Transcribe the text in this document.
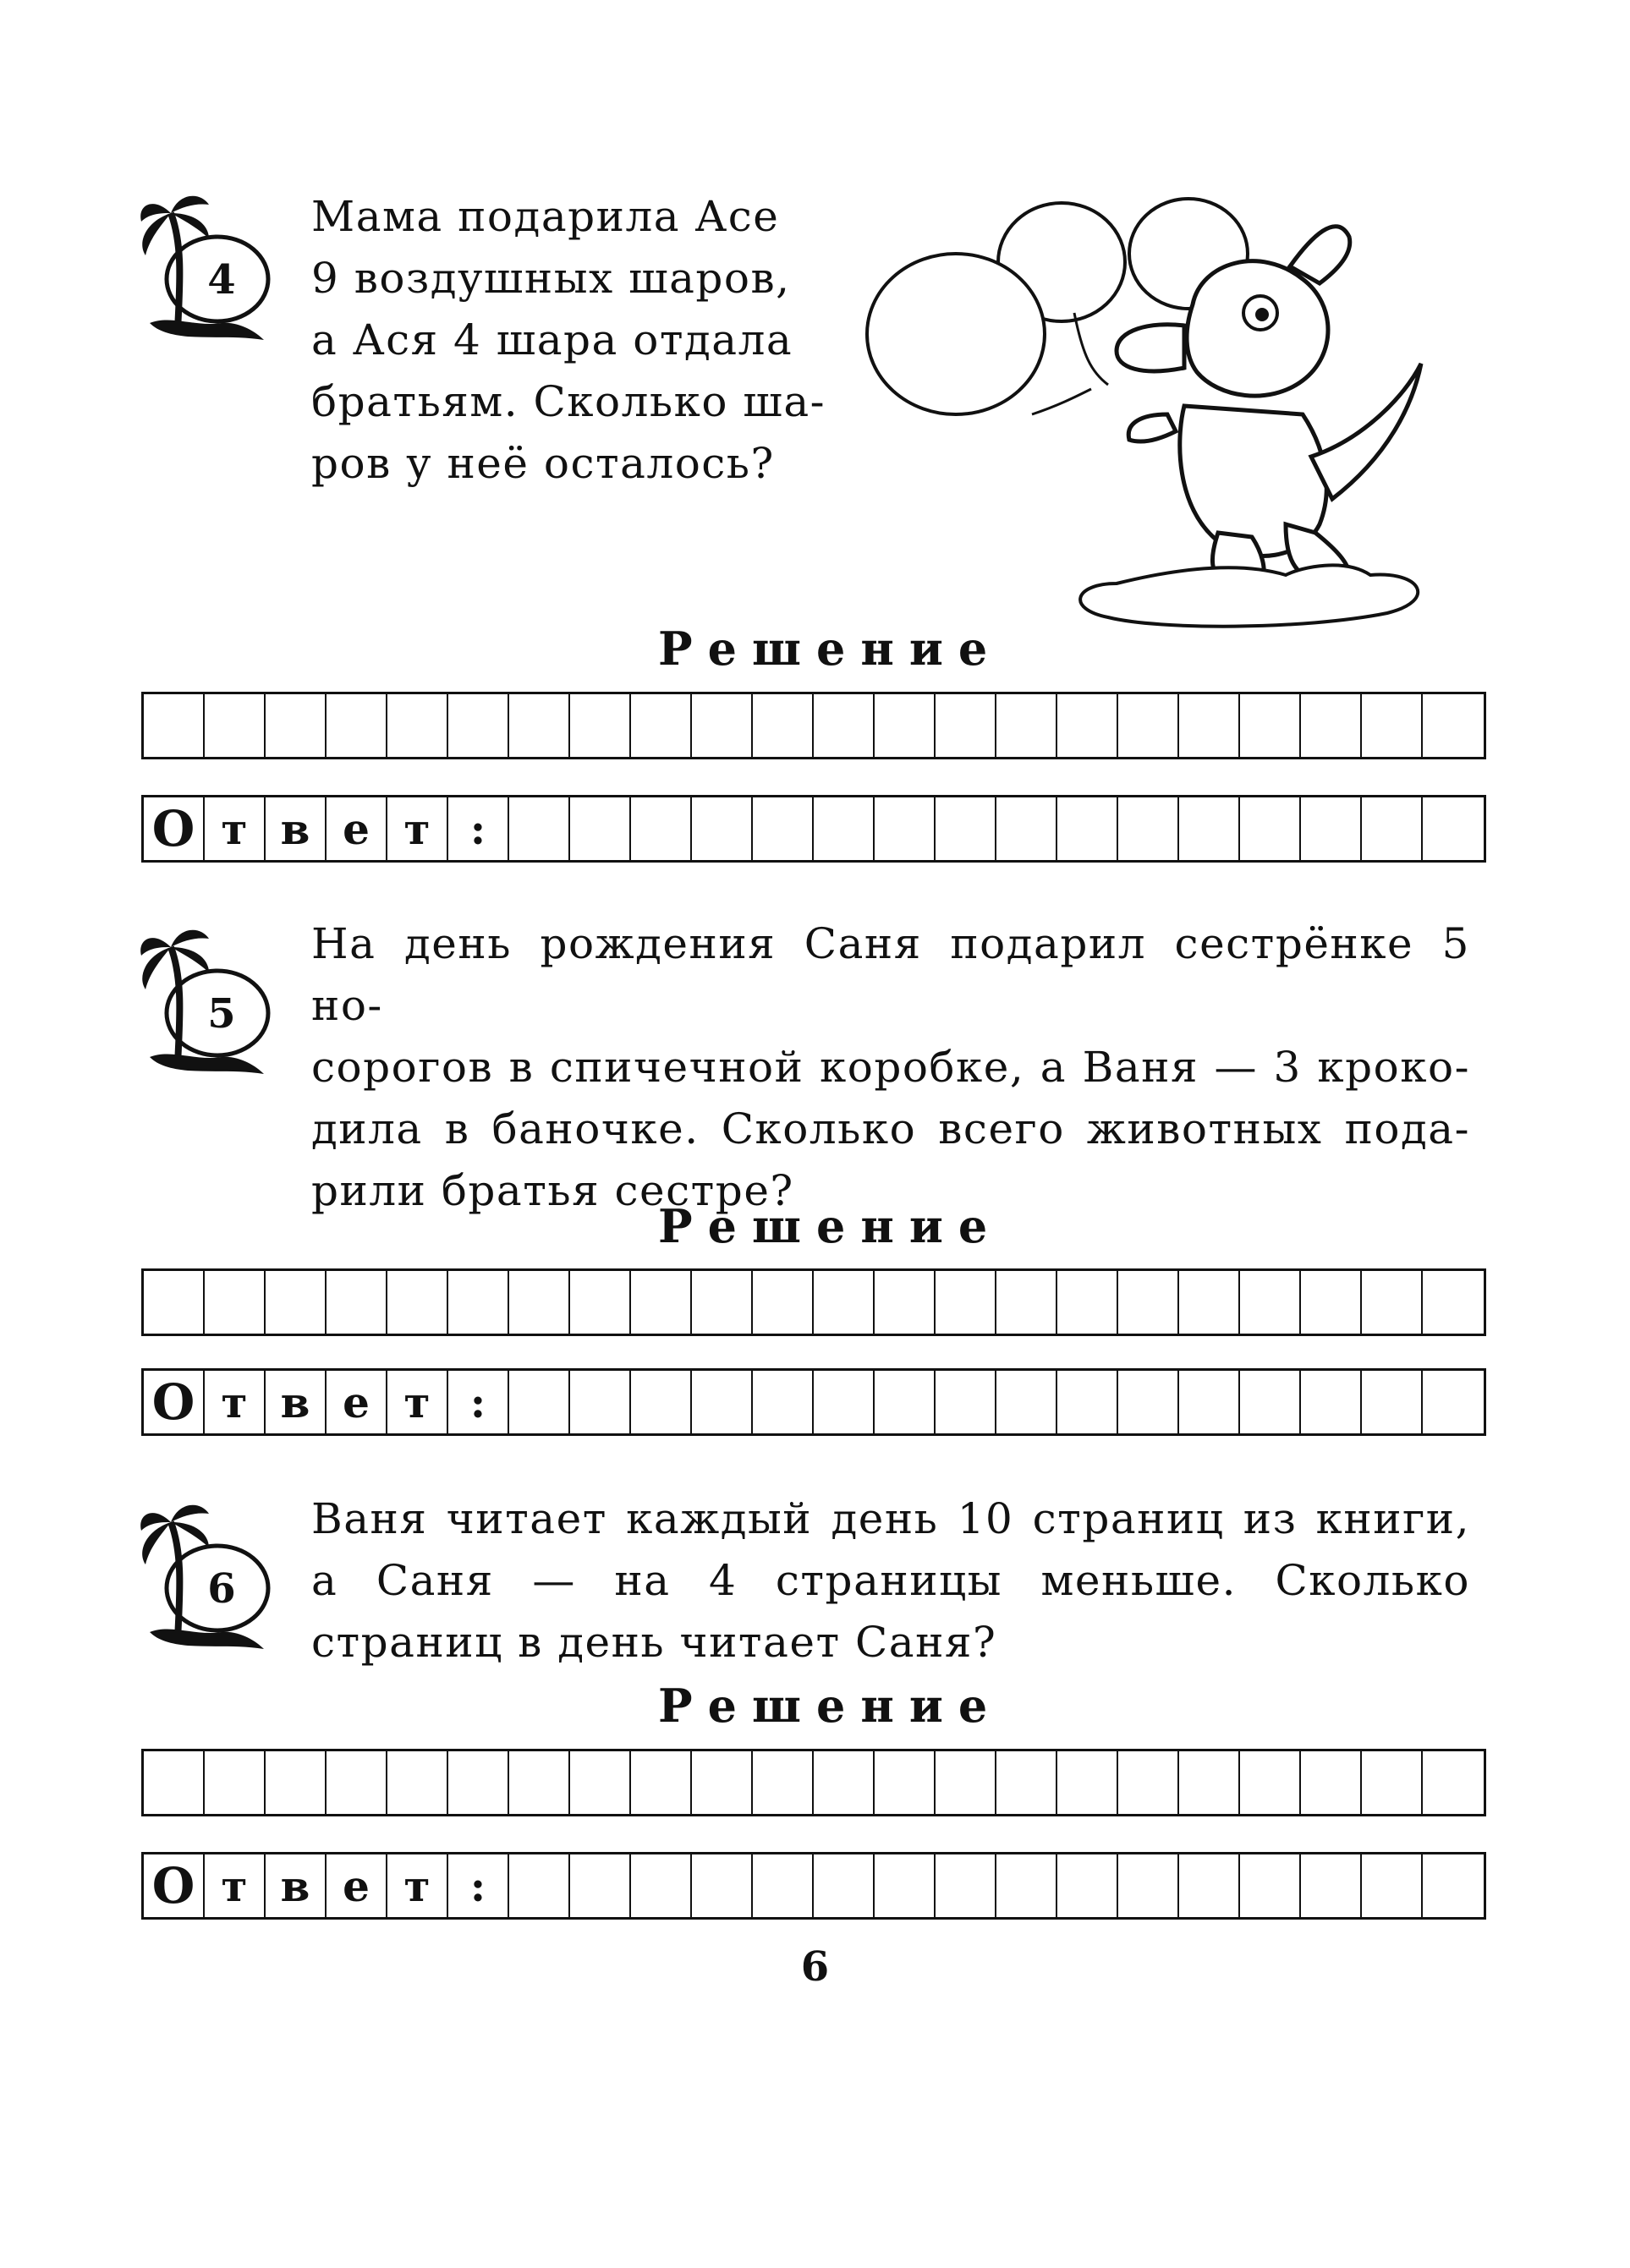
4
Мама подарила Асе
9 воздушных шаров,
а Ася 4 шара отдала
братьям. Сколько ша-
ров у неё осталось?
Решение
О т в е т :
5
На день рождения Саня подарил сестрёнке 5 но-
сорогов в спичечной коробке, а Ваня — 3 кроко-
дила в баночке. Сколько всего животных пода-
рили братья сестре?
Решение
О т в е т :
6
Ваня читает каждый день 10 страниц из книги,
а Саня — на 4 страницы меньше. Сколько
страниц в день читает Саня?
Решение
О т в е т :
6
